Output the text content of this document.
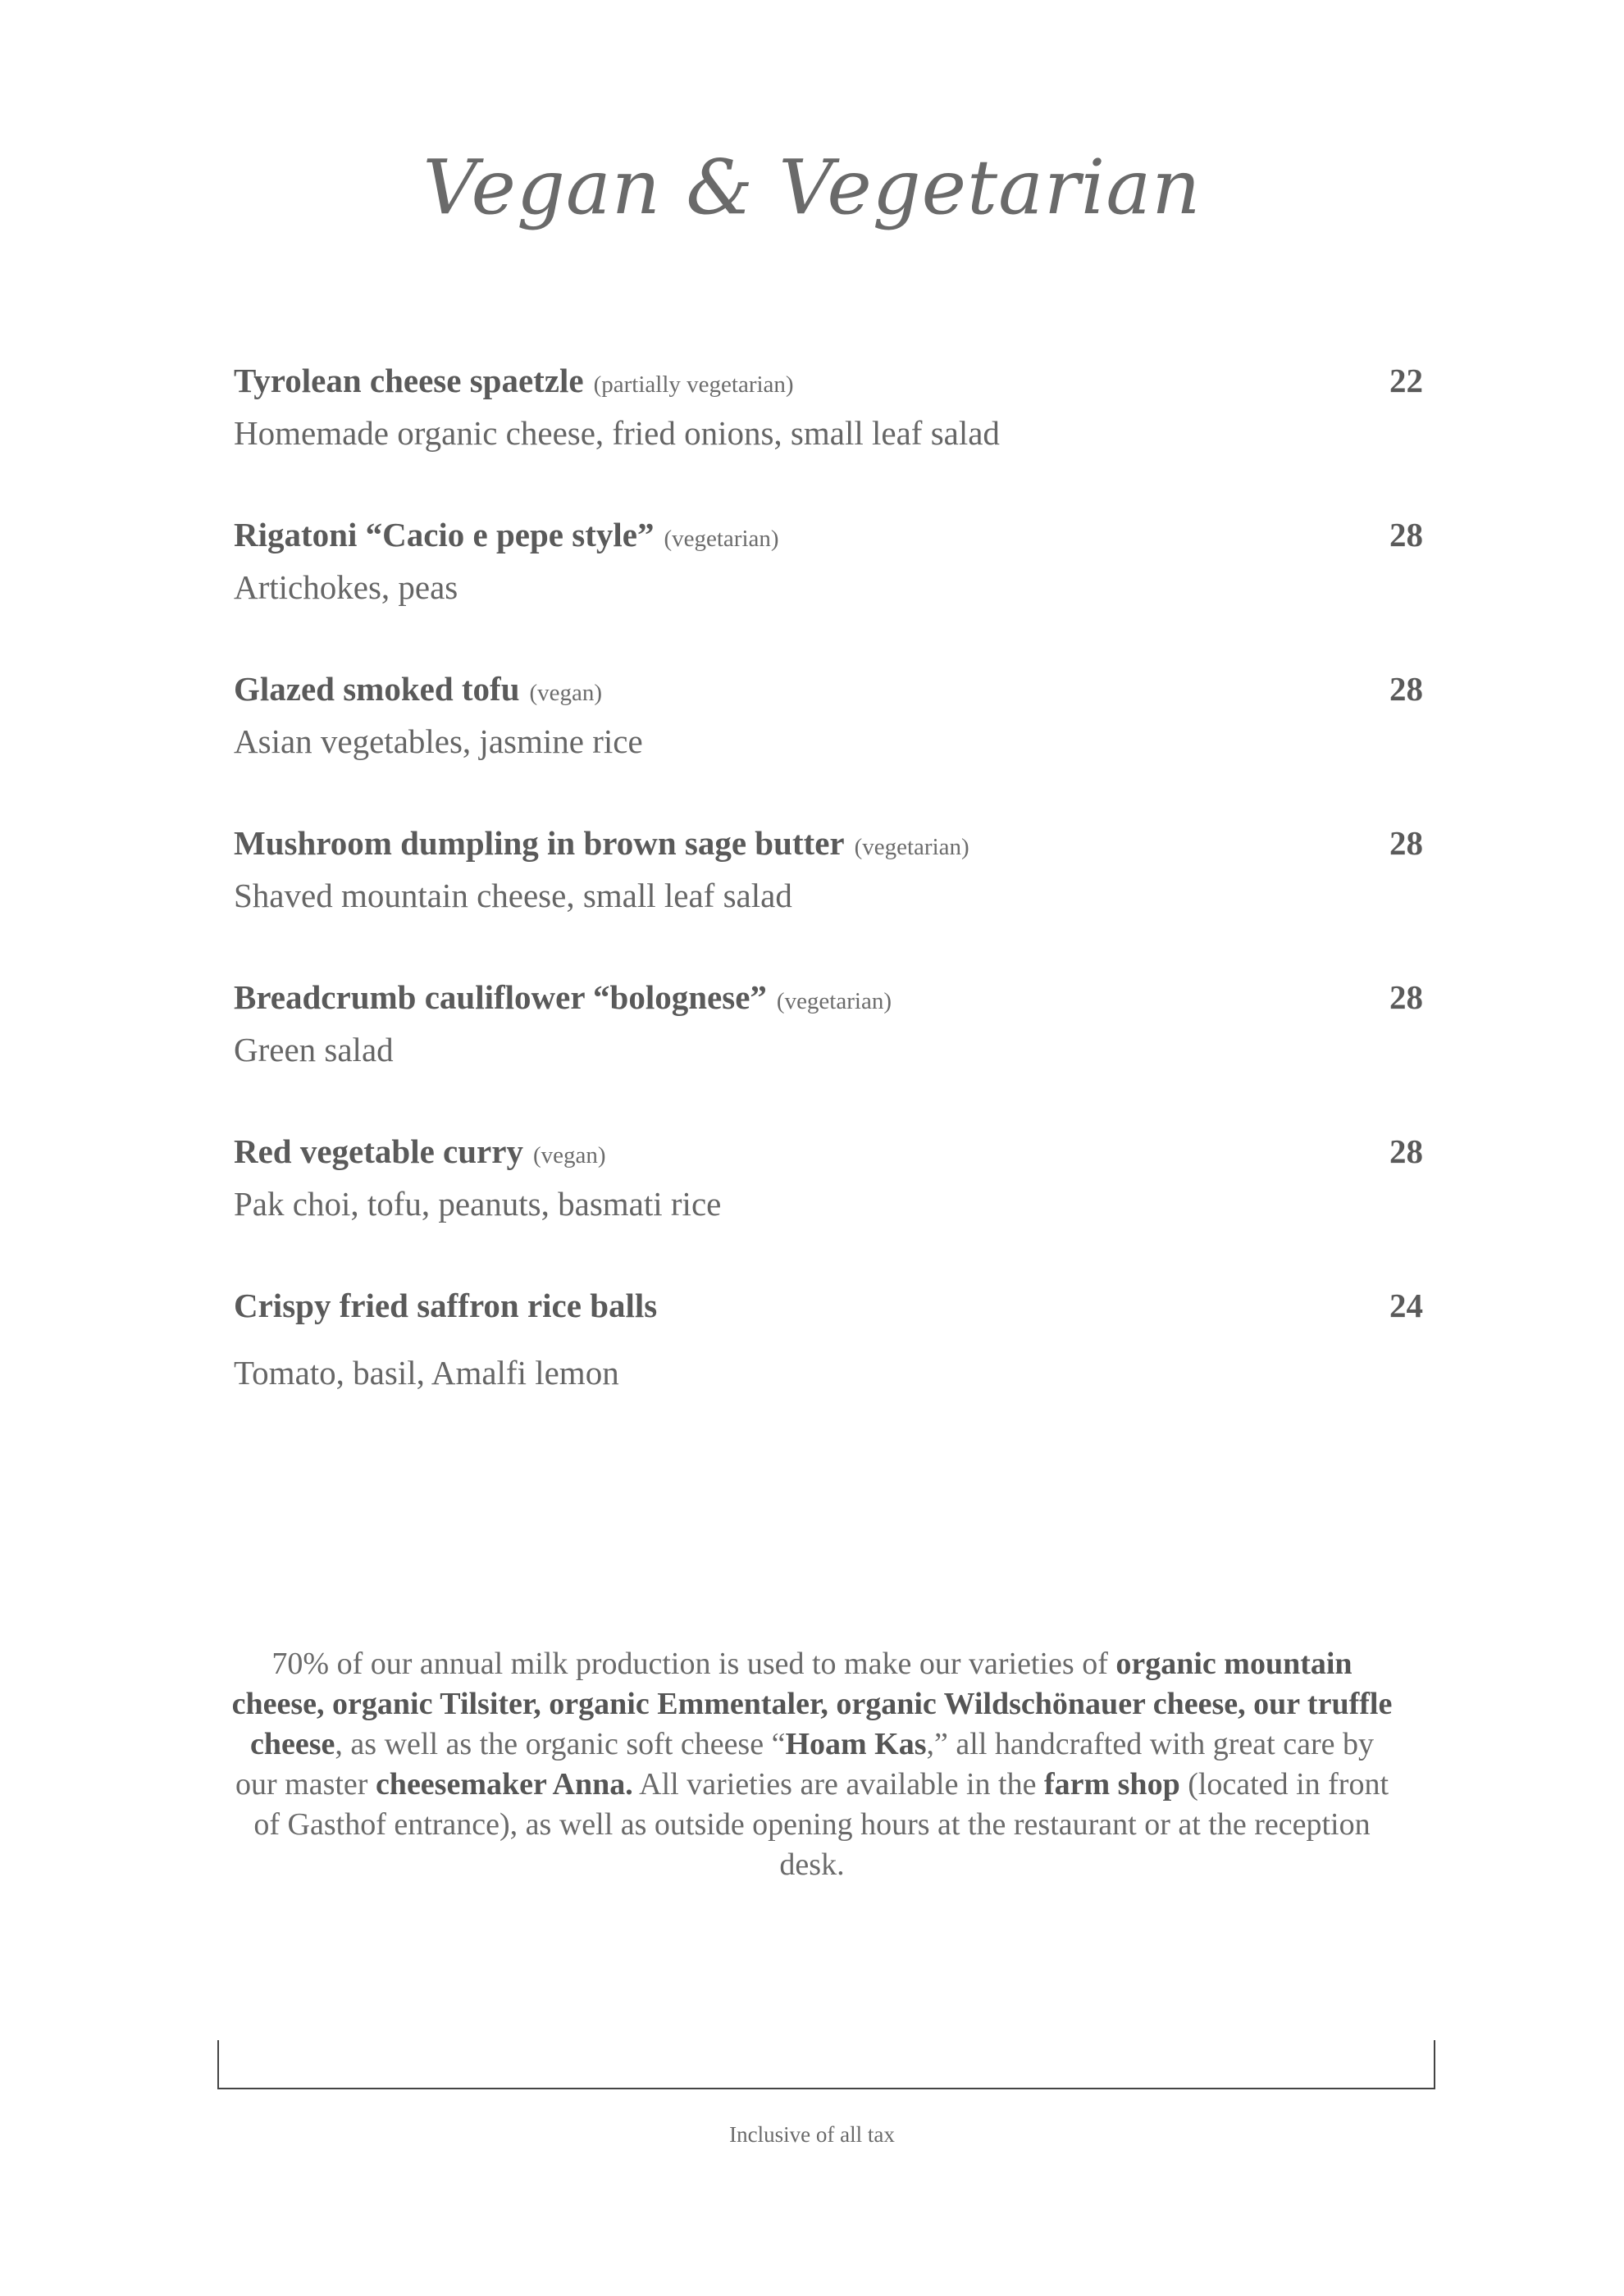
Vegan & Vegetarian
Tyrolean cheese spaetzle (partially vegetarian)	22
Homemade organic cheese, fried onions, small leaf salad
Rigatoni “Cacio e pepe style” (vegetarian)	28
Artichokes, peas
Glazed smoked tofu (vegan)	28
Asian vegetables, jasmine rice
Mushroom dumpling in brown sage butter (vegetarian)	28
Shaved mountain cheese, small leaf salad
Breadcrumb cauliflower “bolognese” (vegetarian)	28
Green salad
Red vegetable curry (vegan)	28
Pak choi, tofu, peanuts, basmati rice
Crispy fried saffron rice balls	24
Tomato, basil, Amalfi lemon
70% of our annual milk production is used to make our varieties of organic mountain cheese, organic Tilsiter, organic Emmentaler, organic Wildschönauer cheese, our truffle cheese, as well as the organic soft cheese “Hoam Kas,” all handcrafted with great care by our master cheesemaker Anna. All varieties are available in the farm shop (located in front of Gasthof entrance), as well as outside opening hours at the restaurant or at the reception desk.
Inclusive of all tax
